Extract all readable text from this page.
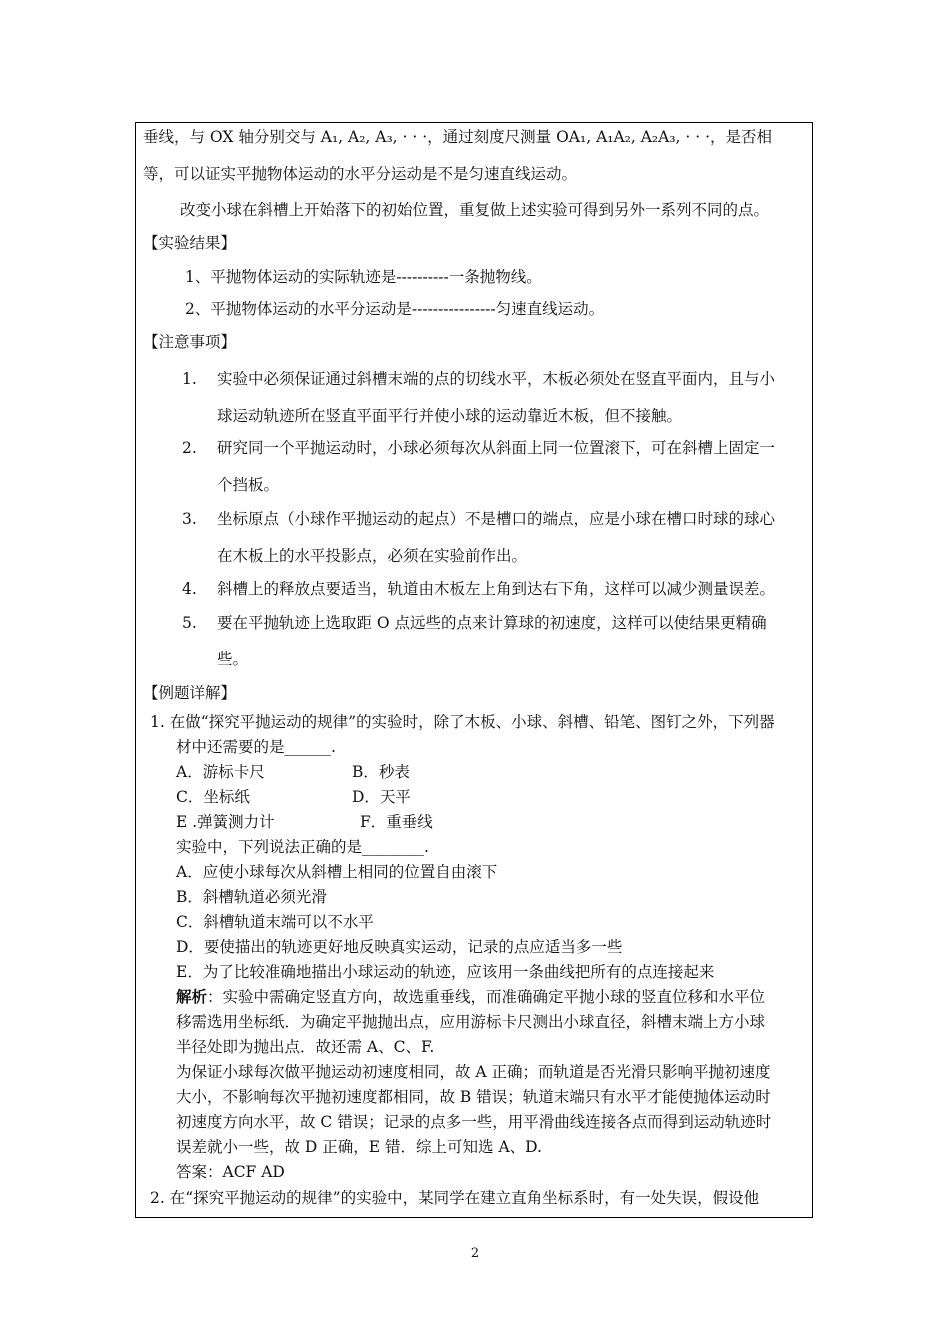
垂线，与 OX 轴分别交与 A₁, A₂, A₃, · · ·，通过刻度尺测量 OA₁, A₁A₂, A₂A₃, · · ·，是否相
等，可以证实平抛物体运动的水平分运动是不是匀速直线运动。
改变小球在斜槽上开始落下的初始位置，重复做上述实验可得到另外一系列不同的点。
【实验结果】
1、平抛物体运动的实际轨迹是----------一条抛物线。
2、平抛物体运动的水平分运动是----------------匀速直线运动。
【注意事项】
1. 实验中必须保证通过斜槽末端的点的切线水平，木板必须处在竖直平面内，且与小
球运动轨迹所在竖直平面平行并使小球的运动靠近木板，但不接触。
2. 研究同一个平抛运动时，小球必须每次从斜面上同一位置滚下，可在斜槽上固定一
个挡板。
3. 坐标原点（小球作平抛运动的起点）不是槽口的端点，应是小球在槽口时球的球心
在木板上的水平投影点，必须在实验前作出。
4. 斜槽上的释放点要适当，轨道由木板左上角到达右下角，这样可以减少测量误差。
5. 要在平抛轨迹上选取距 O 点远些的点来计算球的初速度，这样可以使结果更精确
些。
【例题详解】
1. 在做“探究平抛运动的规律”的实验时，除了木板、小球、斜槽、铅笔、图钉之外，下列器
材中还需要的是______.
A．游标卡尺	B．秒表
C．坐标纸	D．天平
E .弹簧测力计	F．重垂线
实验中，下列说法正确的是________.
A．应使小球每次从斜槽上相同的位置自由滚下
B．斜槽轨道必须光滑
C．斜槽轨道末端可以不水平
D．要使描出的轨迹更好地反映真实运动，记录的点应适当多一些
E．为了比较准确地描出小球运动的轨迹，应该用一条曲线把所有的点连接起来
解析：实验中需确定竖直方向，故选重垂线，而准确确定平抛小球的竖直位移和水平位
移需选用坐标纸．为确定平抛抛出点，应用游标卡尺测出小球直径，斜槽末端上方小球
半径处即为抛出点．故还需 A、C、F.
为保证小球每次做平抛运动初速度相同，故 A 正确；而轨道是否光滑只影响平抛初速度
大小，不影响每次平抛初速度都相同，故 B 错误；轨道末端只有水平才能使抛体运动时
初速度方向水平，故 C 错误；记录的点多一些，用平滑曲线连接各点而得到运动轨迹时
误差就小一些，故 D 正确，E 错．综上可知选 A、D.
答案：ACF AD
2. 在“探究平抛运动的规律”的实验中，某同学在建立直角坐标系时，有一处失误，假设他
2
